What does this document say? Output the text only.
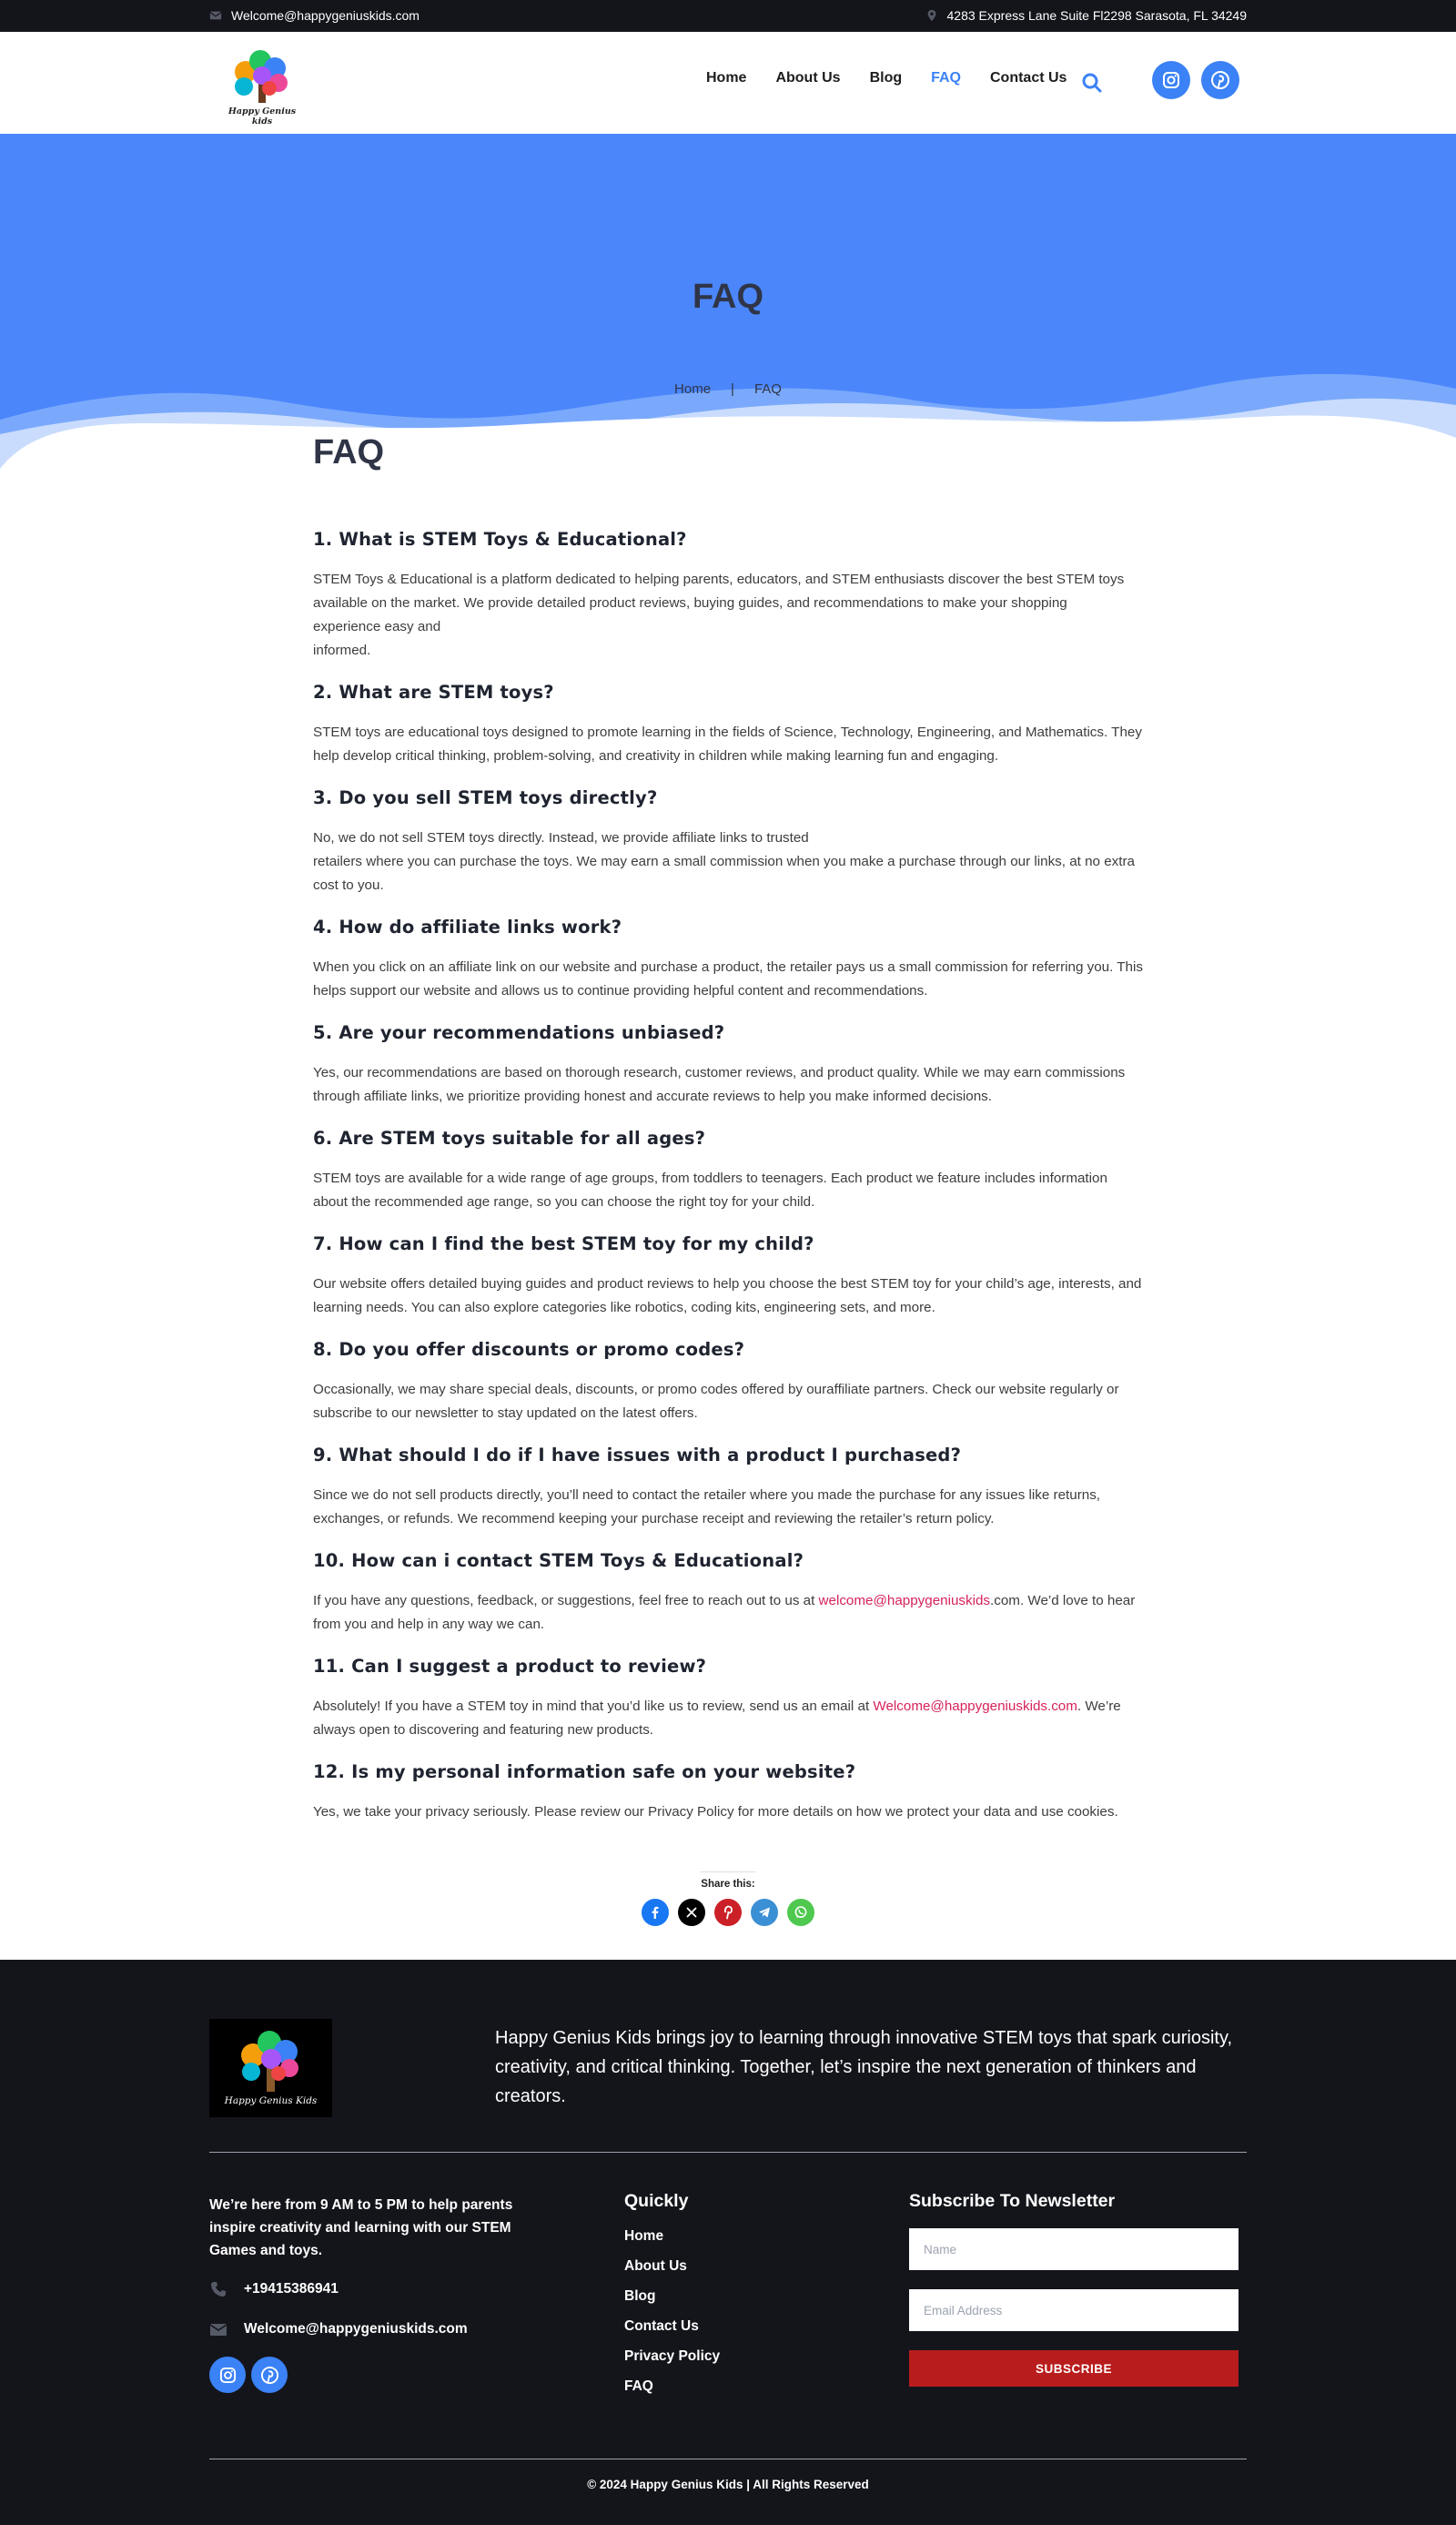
Welcome@happygeniuskids.com	4283 Express Lane Suite Fl2298 Sarasota, FL 34249
Happy Genius kids
Home About Us Blog FAQ Contact Us
FAQ
Home | FAQ
FAQ
1. What is STEM Toys & Educational?

STEM Toys & Educational is a platform dedicated to helping parents, educators, and STEM enthusiasts discover the best STEM toys available on the market. We provide detailed product reviews, buying guides, and recommendations to make your shopping experience easy and
informed.

2. What are STEM toys?

STEM toys are educational toys designed to promote learning in the fields of Science, Technology, Engineering, and Mathematics. They help develop critical thinking, problem-solving, and creativity in children while making learning fun and engaging.

3. Do you sell STEM toys directly?

No, we do not sell STEM toys directly. Instead, we provide affiliate links to trusted
retailers where you can purchase the toys. We may earn a small commission when you make a purchase through our links, at no extra cost to you.

4. How do affiliate links work?

When you click on an affiliate link on our website and purchase a product, the retailer pays us a small commission for referring you. This helps support our website and allows us to continue providing helpful content and recommendations.

5. Are your recommendations unbiased?

Yes, our recommendations are based on thorough research, customer reviews, and product quality. While we may earn commissions through affiliate links, we prioritize providing honest and accurate reviews to help you make informed decisions.

6. Are STEM toys suitable for all ages?

STEM toys are available for a wide range of age groups, from toddlers to teenagers. Each product we feature includes information about the recommended age range, so you can choose the right toy for your child.

7. How can I find the best STEM toy for my child?

Our website offers detailed buying guides and product reviews to help you choose the best STEM toy for your child’s age, interests, and learning needs. You can also explore categories like robotics, coding kits, engineering sets, and more.

8. Do you offer discounts or promo codes?

Occasionally, we may share special deals, discounts, or promo codes offered by ouraffiliate partners. Check our website regularly or subscribe to our newsletter to stay updated on the latest offers.

9. What should I do if I have issues with a product I purchased?

Since we do not sell products directly, you’ll need to contact the retailer where you made the purchase for any issues like returns, exchanges, or refunds. We recommend keeping your purchase receipt and reviewing the retailer’s return policy.

10. How can i contact STEM Toys & Educational?

If you have any questions, feedback, or suggestions, feel free to reach out to us at welcome@happygeniuskids.com. We’d love to hear from you and help in any way we can.

11. Can I suggest a product to review?

Absolutely! If you have a STEM toy in mind that you’d like us to review, send us an email at Welcome@happygeniuskids.com. We’re always open to discovering and featuring new products.

12. Is my personal information safe on your website?

Yes, we take your privacy seriously. Please review our Privacy Policy for more details on how we protect your data and use cookies.

Share this:
Happy Genius Kids
Happy Genius Kids brings joy to learning through innovative STEM toys that spark curiosity, creativity, and critical thinking. Together, let’s inspire the next generation of thinkers and creators.
We’re here from 9 AM to 5 PM to help parents inspire creativity and learning with our STEM Games and toys.
+19415386941
Welcome@happygeniuskids.com
Quickly
Home
About Us
Blog
Contact Us
Privacy Policy
FAQ
Subscribe To Newsletter
Name
Email Address
SUBSCRIBE
© 2024 Happy Genius Kids | All Rights Reserved
